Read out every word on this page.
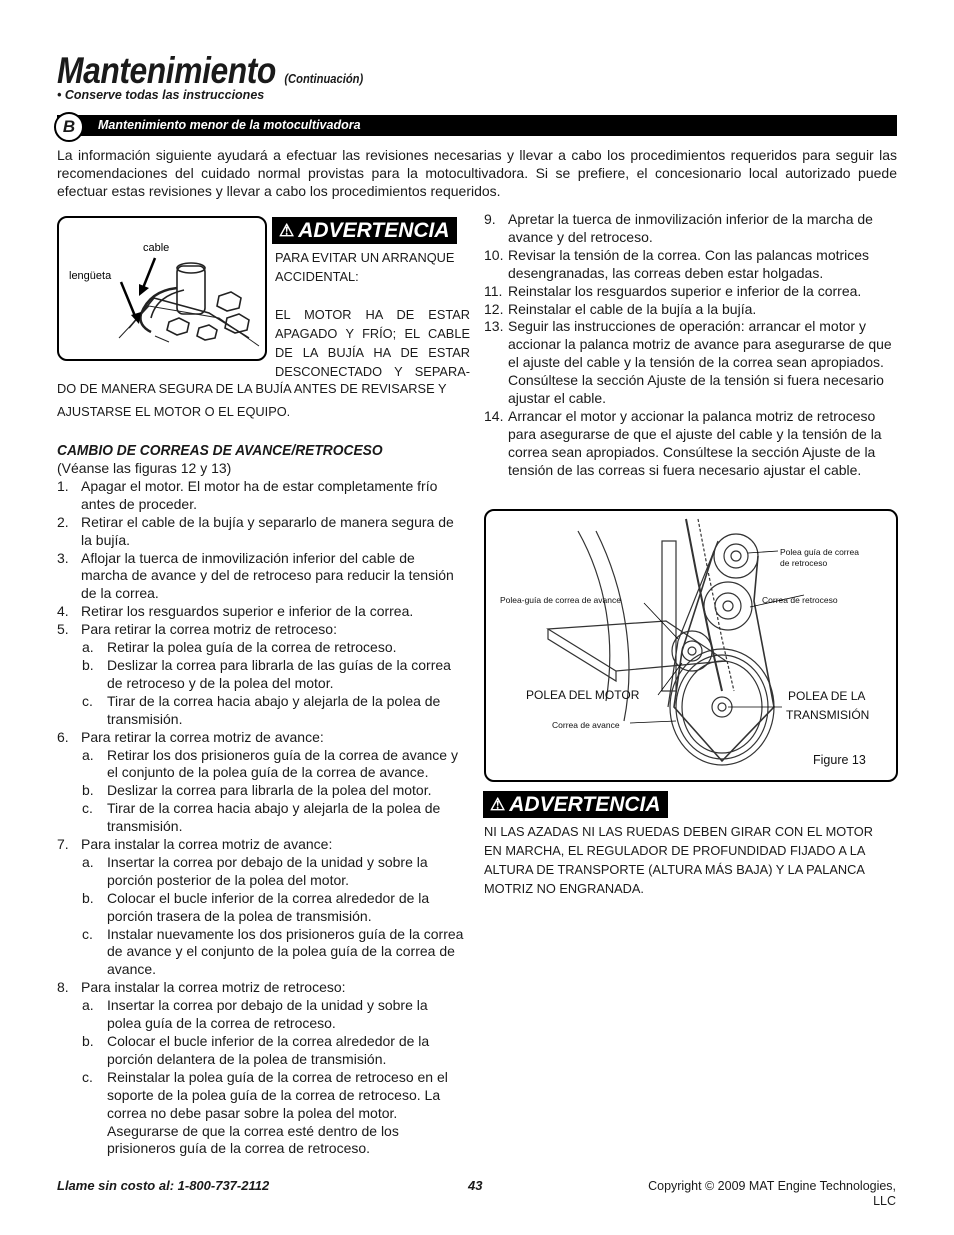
Mantenimiento (Continuación)
• Conserve todas las instrucciones
B	Mantenimiento menor de la motocultivadora
La información siguiente ayudará a efectuar las revisiones necesarias y llevar a cabo los procedimientos requeridos para seguir las recomendaciones del cuidado normal provistas para la motocultivadora. Si se prefiere, el concesionario local autorizado puede efectuar estas revisiones y llevar a cabo los procedimientos requeridos.
cable
lengüeta
⚠ ADVERTENCIA
PARA EVITAR UN ARRANQUE
ACCIDENTAL:
EL MOTOR HA DE ESTAR
APAGADO Y FRÍO; EL CABLE
DE LA BUJÍA HA DE ESTAR
DESCONECTADO Y SEPARA-
DO DE MANERA SEGURA DE LA BUJÍA ANTES DE REVISARSE Y
AJUSTARSE EL MOTOR O EL EQUIPO.
CAMBIO DE CORREAS DE AVANCE/RETROCESO
(Véanse las figuras 12 y 13)
1. Apagar el motor. El motor ha de estar completamente frío antes de proceder.
2. Retirar el cable de la bujía y separarlo de manera segura de la bujía.
3. Aflojar la tuerca de inmovilización inferior del cable de marcha de avance y del de retroceso para reducir la tensión de la correa.
4. Retirar los resguardos superior e inferior de la correa.
5. Para retirar la correa motriz de retroceso:
a. Retirar la polea guía de la correa de retroceso.
b. Deslizar la correa para librarla de las guías de la correa de retroceso y de la polea del motor.
c. Tirar de la correa hacia abajo y alejarla de la polea de transmisión.
6. Para retirar la correa motriz de avance:
a. Retirar los dos prisioneros guía de la correa de avance y el conjunto de la polea guía de la correa de avance.
b. Deslizar la correa para librarla de la polea del motor.
c. Tirar de la correa hacia abajo y alejarla de la polea de transmisión.
7. Para instalar la correa motriz de avance:
a. Insertar la correa por debajo de la unidad y sobre la porción posterior de la polea del motor.
b. Colocar el bucle inferior de la correa alrededor de la porción trasera de la polea de transmisión.
c. Instalar nuevamente los dos prisioneros guía de la correa de avance y el conjunto de la polea guía de la correa de avance.
8. Para instalar la correa motriz de retroceso:
a. Insertar la correa por debajo de la unidad y sobre la polea guía de la correa de retroceso.
b. Colocar el bucle inferior de la correa alrededor de la porción delantera de la polea de transmisión.
c. Reinstalar la polea guía de la correa de retroceso en el soporte de la polea guía de la correa de retroceso. La correa no debe pasar sobre la polea del motor. Asegurarse de que la correa esté dentro de los prisioneros guía de la correa de retroceso.
9. Apretar la tuerca de inmovilización inferior de la marcha de avance y del retroceso.
10. Revisar la tensión de la correa. Con las palancas motrices desengranadas, las correas deben estar holgadas.
11. Reinstalar los resguardos superior e inferior de la correa.
12. Reinstalar el cable de la bujía a la bujía.
13. Seguir las instrucciones de operación: arrancar el motor y accionar la palanca motriz de avance para asegurarse de que el ajuste del cable y la tensión de la correa sean apropiados. Consúltese la sección Ajuste de la tensión si fuera necesario ajustar el cable.
14. Arrancar el motor y accionar la palanca motriz de retroceso para asegurarse de que el ajuste del cable y la tensión de la correa sean apropiados. Consúltese la sección Ajuste de la tensión de las correas si fuera necesario ajustar el cable.
Polea guía de correa
de retroceso
Polea-guía de correa de avance	Correa de retroceso
POLEA DEL MOTOR	POLEA DE LA
TRANSMISIÓN
Correa de avance
Figure 13
⚠ ADVERTENCIA
NI LAS AZADAS NI LAS RUEDAS DEBEN GIRAR CON EL MOTOR
EN MARCHA, EL REGULADOR DE PROFUNDIDAD FIJADO A LA
ALTURA DE TRANSPORTE (ALTURA MÁS BAJA) Y LA PALANCA
MOTRIZ NO ENGRANADA.
Llame sin costo al: 1-800-737-2112	43	Copyright © 2009 MAT Engine Technologies, LLC
